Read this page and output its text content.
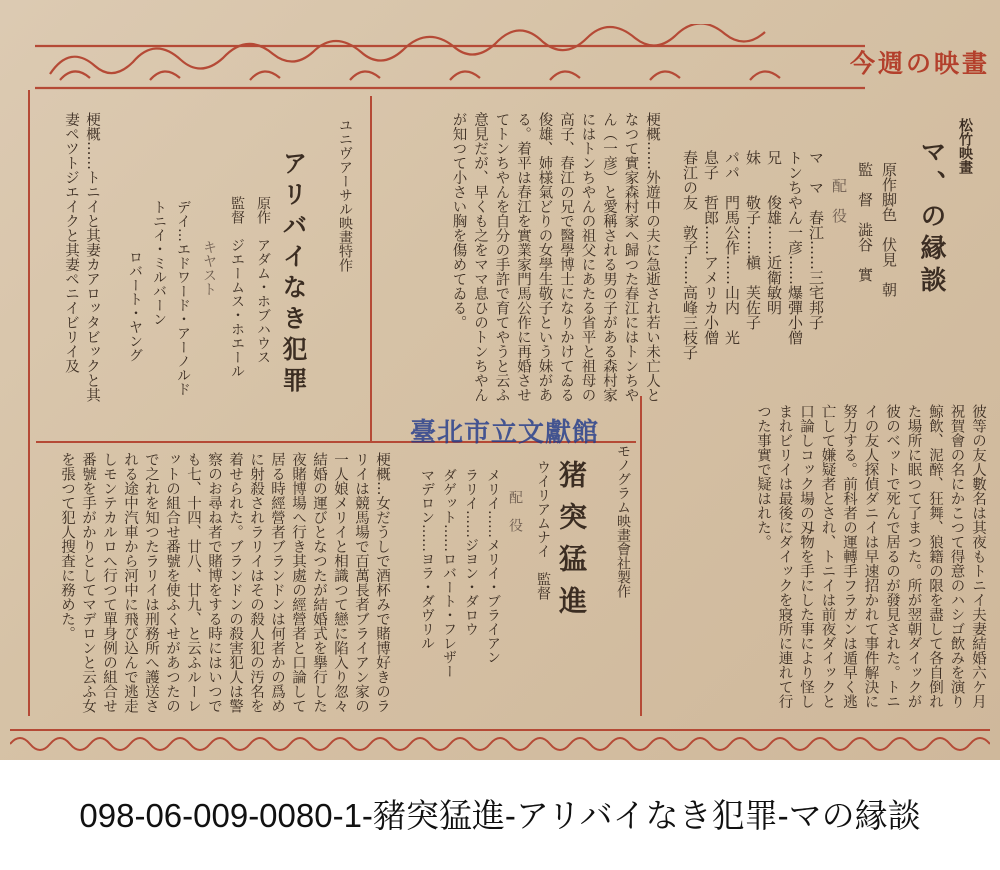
今週の映畫
松竹映畫
マ、の縁談
原作脚色　伏見　朝
監　督　澁谷　實
配　役

マ　マ　春江……三宅邦子

トンちやん一彦……爆彈小僧

兄　　俊雄……近衛敏明

妹　　敬子……槇　芙佐子

パパ　門馬公作……山内　光

息子　哲郎……アメリカ小僧

春江の友　敦子……高峰三枝子

梗概……外遊中の夫に急逝され若い未亡人となつて實家森村家へ歸つた春江にはトンちやん（一彦）と愛稱される男の子がある森村家にはトンちやんの祖父にあたる省平と祖母の高子、春江の兄で醫學博士になりかけてゐる俊雄、姉様氣どりの女學生敬子という妹がある。着平は春江を實業家門馬公作に再婚させてトンちやんを自分の手許で育てやうと云ふ意見だが、早くも之をママ息ひのトンちやんが知つて小さい胸を傷めてゐる。
ユニヴアーサル映畫特作
アリバイなき犯罪
原作　アダム・ホブハウス
監督　ジエームス・ホエール
キヤスト
デイ…エドワード・アーノルド
トニイ・ミルバーン
ロバート・ヤング
梗概……トニイと其妻カアロッタビックと其妻ペツトジエイクと其妻ペニイビリイ及
モノグラム映畫會社製作
猪突猛進
ウイリアムナイ　監督
配　役

メリイ……メリイ・ブライアン

ラリイ……ジヨン・ダロウ

ダゲット……ロバート・フレザー

マデロン……ヨラ・ダヴリル

梗概…女だうしで酒杯みで賭博好きのラリイは競馬場で百萬長者ブライアン家の一人娘メリイと相識つて戀に陷入り忽々結婚の運びとなつたが結婚式を擧行した夜賭博場へ行き其處の經營者と口論して居る時經營者ブランドンは何者かの爲めに射殺されラリイはその殺人犯の汚名を着せられた。ブランドンの殺害犯人は警察のお尋ね者で賭博をする時にはいつでも七、十四、廿八、廿九、と云ふルーレットの組合せ番號を使ふくせがあつたので之れを知つたラリイは刑務所へ護送される途中汽車から河中に飛び込んで逃走しモンテカルロへ行つて單身例の組合せ番號を手がかりとしてマデロンと云ふ女を張つて犯人搜査に務めた。	彼等の友人數名は其夜もトニイ夫妻結婚六ケ月祝賀會の名にかこつて得意のハシゴ飲みを演り鯨飲、泥醉、狂舞、狼籍の限を盡して各自倒れた場所に眠つて了まつた。所が翌朝ダイックが彼のベットで死んで居るのが發見された。トニイの友人探偵ダニイは早速招かれて事件解決に努力する。前科者の運轉手フラガンは遁早く逃亡して嫌疑者とされ、トニイは前夜ダイックと口論しコック場の刄物を手にした事により怪しまれビリイは最後にダイックを寢所に連れて行つた事實で疑はれた。
臺北市立文獻館
098-06-009-0080-1-豬突猛進-アリバイなき犯罪-マの縁談
